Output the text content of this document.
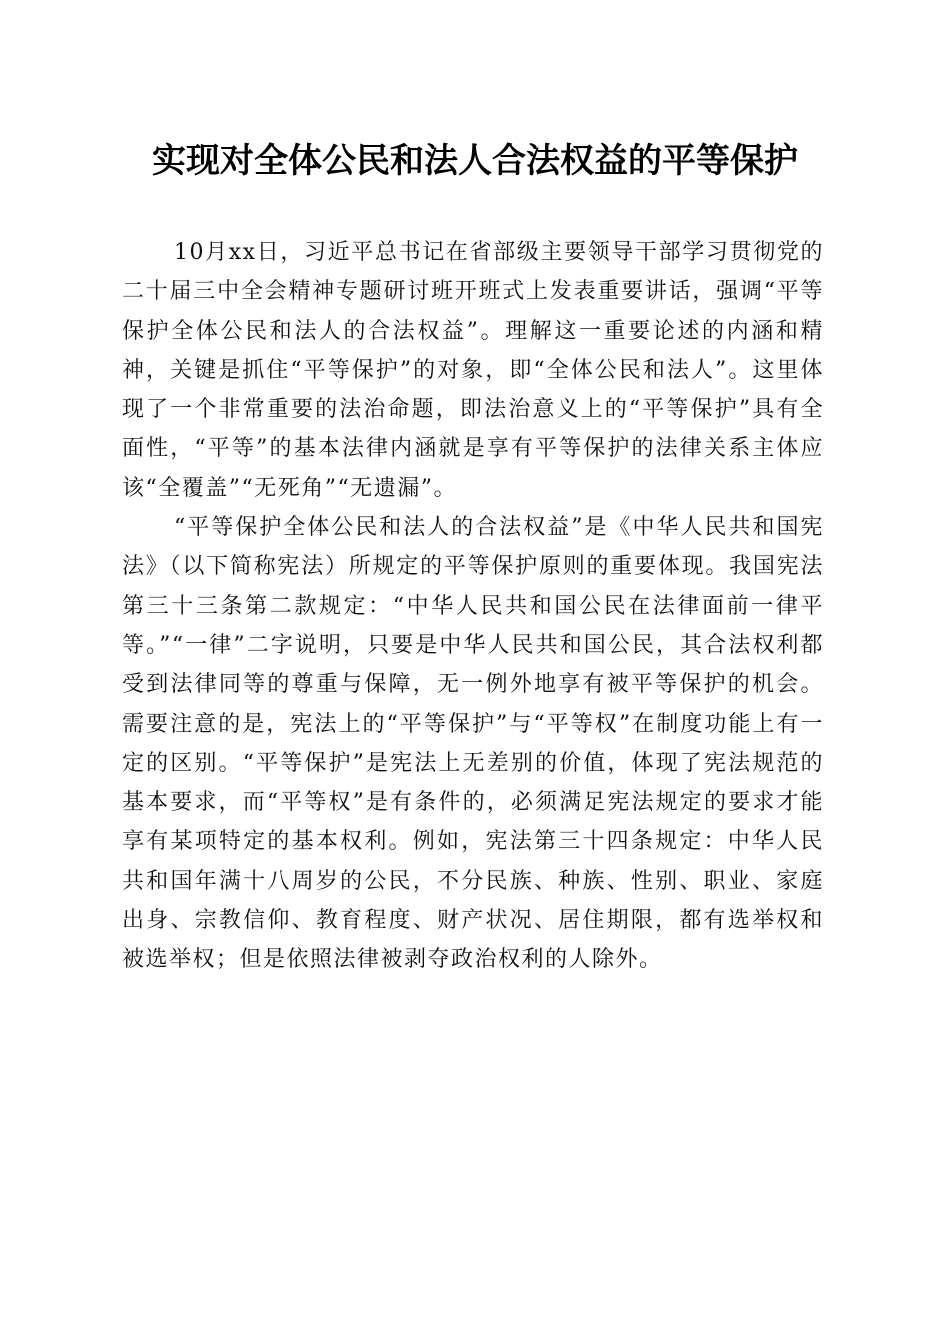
实现对全体公民和法人合法权益的平等保护

10月xx日，习近平总书记在省部级主要领导干部学习贯彻党的二十届三中全会精神专题研讨班开班式上发表重要讲话，强调“平等保护全体公民和法人的合法权益”。理解这一重要论述的内涵和精神，关键是抓住“平等保护”的对象，即“全体公民和法人”。这里体现了一个非常重要的法治命题，即法治意义上的“平等保护”具有全面性，“平等”的基本法律内涵就是享有平等保护的法律关系主体应该“全覆盖”“无死角”“无遗漏”。

“平等保护全体公民和法人的合法权益”是《中华人民共和国宪法》（以下简称宪法）所规定的平等保护原则的重要体现。我国宪法第三十三条第二款规定：“中华人民共和国公民在法律面前一律平等。”“一律”二字说明，只要是中华人民共和国公民，其合法权利都受到法律同等的尊重与保障，无一例外地享有被平等保护的机会。需要注意的是，宪法上的“平等保护”与“平等权”在制度功能上有一定的区别。“平等保护”是宪法上无差别的价值，体现了宪法规范的基本要求，而“平等权”是有条件的，必须满足宪法规定的要求才能享有某项特定的基本权利。例如，宪法第三十四条规定：中华人民共和国年满十八周岁的公民，不分民族、种族、性别、职业、家庭出身、宗教信仰、教育程度、财产状况、居住期限，都有选举权和被选举权；但是依照法律被剥夺政治权利的人除外。
